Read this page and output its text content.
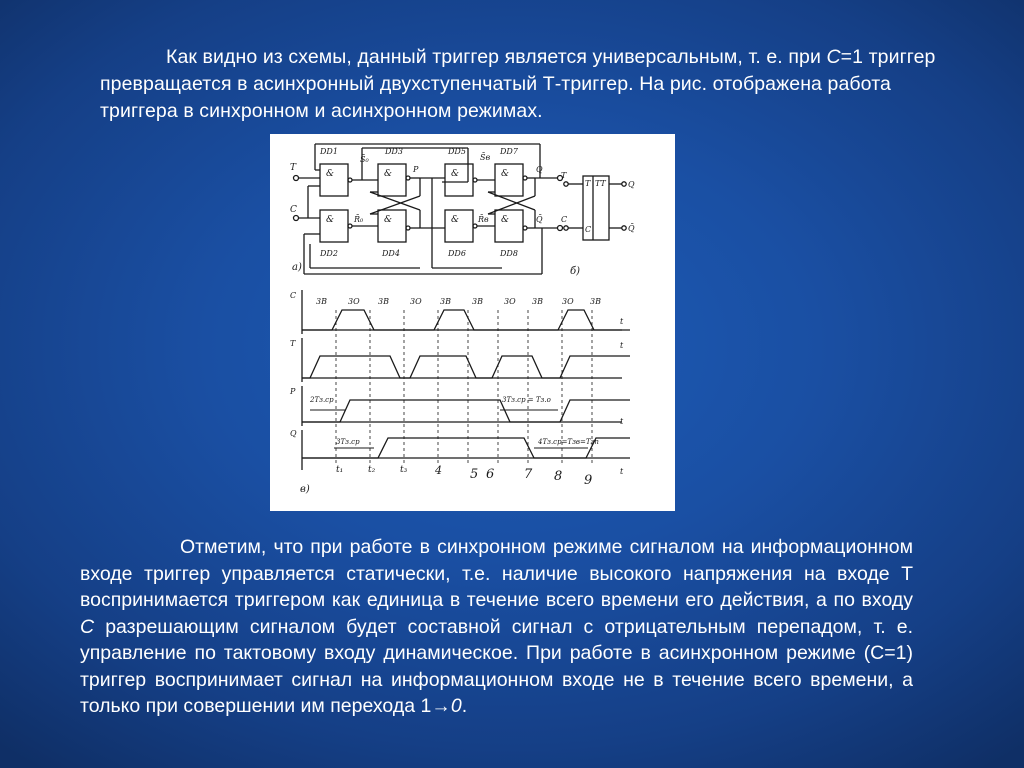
Как видно из схемы, данный триггер является универсальным, т. е. при С=1 триггер превращается в асинхронный двухступенчатый Т-триггер. На рис. отображена работа триггера в синхронном и асинхронном режимах.
Т
С
&
DD1
&
DD2
S̄₀
R̄₀
&
DD3
&
DD4
P	&
DD5
&
DD6
S̄в
R̄в
&
DD7
&
DD8
Q
Q̄
а)
ТТ
Т
С
Т
С
Q
Q̄
б)
С
t
3В	3О 3В	3О 3В	3В	3О 3В 3О 3В
Т	t
P
t
2Тз.ср	3Тз.ср = Тз.о
Q
t
3Тз.ср	4Тз.ср=Тзв=Тзп
t₁	t₂	t₃	4 5 6 7 8 9
в)
Отметим, что при работе в синхронном режиме сигналом на информационном входе триггер управляется статически, т.е. наличие высокого напряжения на входе Т воспринимается триггером как единица в течение всего времени его действия, а по входу С разрешающим сигналом будет составной сигнал с отрицательным перепадом, т. е. управление по тактовому входу динамическое. При работе в асинхронном режиме (С=1) триггер воспринимает сигнал на информационном входе не в течение всего времени, а только при совершении им перехода 1→0.
